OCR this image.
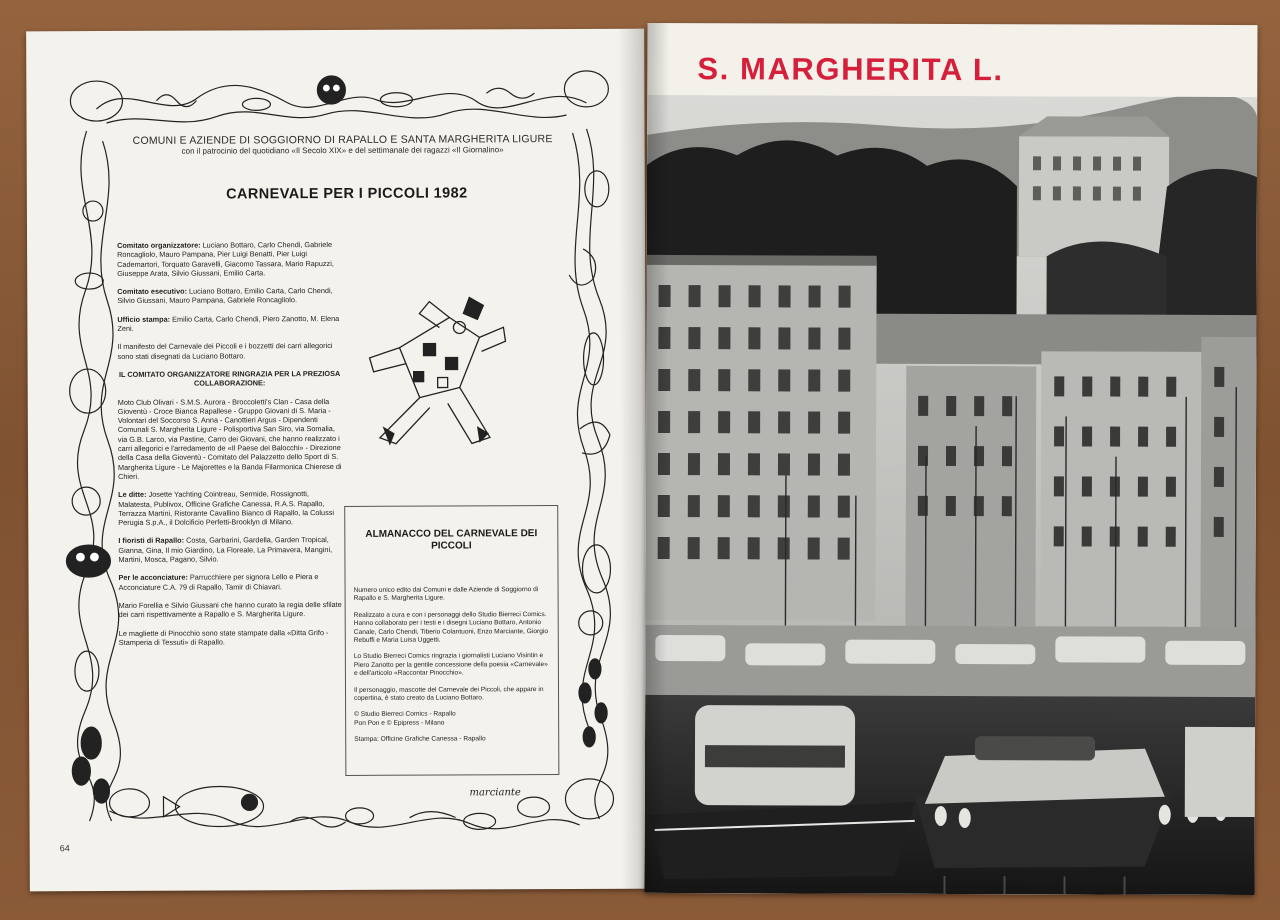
COMUNI E AZIENDE DI SOGGIORNO DI RAPALLO E SANTA MARGHERITA LIGURE
con il patrocinio del quotidiano «Il Secolo XIX» e del settimanale dei ragazzi «Il Giornalino»
CARNEVALE PER I PICCOLI 1982

Comitato organizzatore: Luciano Bottaro, Carlo Chendi, Gabriele Roncagliolo, Mauro Pampana, Pier Luigi Benatti, Pier Luigi Cademartori, Torquato Garavelli, Giacomo Tassara, Mario Rapuzzi, Giuseppe Arata, Silvio Giussani, Emilio Carta.

Comitato esecutivo: Luciano Bottaro, Emilio Carta, Carlo Chendi, Silvio Giussani, Mauro Pampana, Gabriele Roncagliolo.

Ufficio stampa: Emilio Carta, Carlo Chendi, Piero Zanotto, M. Elena Zeni.

Il manifesto del Carnevale dei Piccoli e i bozzetti dei carri allegorici sono stati disegnati da Luciano Bottaro.

IL COMITATO ORGANIZZATORE RINGRAZIA PER LA PREZIOSA COLLABORAZIONE:

Moto Club Olivari - S.M.S. Aurora - Broccoletti's Clan - Casa della Gioventù - Croce Bianca Rapallese - Gruppo Giovani di S. Maria - Volontari del Soccorso S. Anna - Canottieri Argus - Dipendenti Comunali S. Margherita Ligure - Polisportiva San Siro, via Somalia, via G.B. Larco, via Pastine, Carro dei Giovani, che hanno realizzato i carri allegorici e l'arredamento de «Il Paese dei Balocchi» - Direzione della Casa della Gioventù - Comitato del Palazzetto dello Sport di S. Margherita Ligure - Le Majorettes e la Banda Filarmonica Chierese di Chieri.

Le ditte: Josette Yachting Cointreau, Sermide, Rossignotti, Malatesta, Publivox, Officine Grafiche Canessa, R.A.S. Rapallo, Terrazza Martini, Ristorante Cavallino Bianco di Rapallo, la Colussi Perugia S.p.A., il Dolcificio Perfetti-Brooklyn di Milano.

I fioristi di Rapallo: Costa, Garbarini, Gardella, Garden Tropical, Gianna, Gina, Il mio Giardino, La Floreale, La Primavera, Mangini, Martini, Mosca, Pagano, Silvio.

Per le acconciature: Parrucchiere per signora Lello e Piera e Acconciature C.A. 79 di Rapallo, Tamir di Chiavari.

Mario Forellia e Silvio Giussani che hanno curato la regia delle sfilate dei carri rispettivamente a Rapallo e S. Margherita Ligure.

Le magliette di Pinocchio sono state stampate dalla «Ditta Grifo - Stamperia di Tessuti» di Rapallo.

ALMANACCO DEL CARNEVALE DEI PICCOLI

Numero unico edito dai Comuni e dalle Aziende di Soggiorno di Rapallo e S. Margherita Ligure.

Realizzato a cura e con i personaggi dello Studio Bierreci Comics. Hanno collaborato per i testi e i disegni Luciano Bottaro, Antonio Canale, Carlo Chendi, Tiberio Colantuoni, Enzo Marciante, Giorgio Rebuffi e Maria Luisa Uggetti.

Lo Studio Bierreci Comics ringrazia i giornalisti Luciano Visintin e Piero Zanotto per la gentile concessione della poesia «Carnevale» e dell'articolo «Raccontar Pinocchio».

Il personaggio, mascotte del Carnevale dei Piccoli, che appare in copertina, è stato creato da Luciano Bottaro.

© Studio Bierreci Comics - Rapallo
Pon Pon e © Epipress - Milano

Stampa: Officine Grafiche Canessa - Rapallo

marciante
64
S. MARGHERITA L.
